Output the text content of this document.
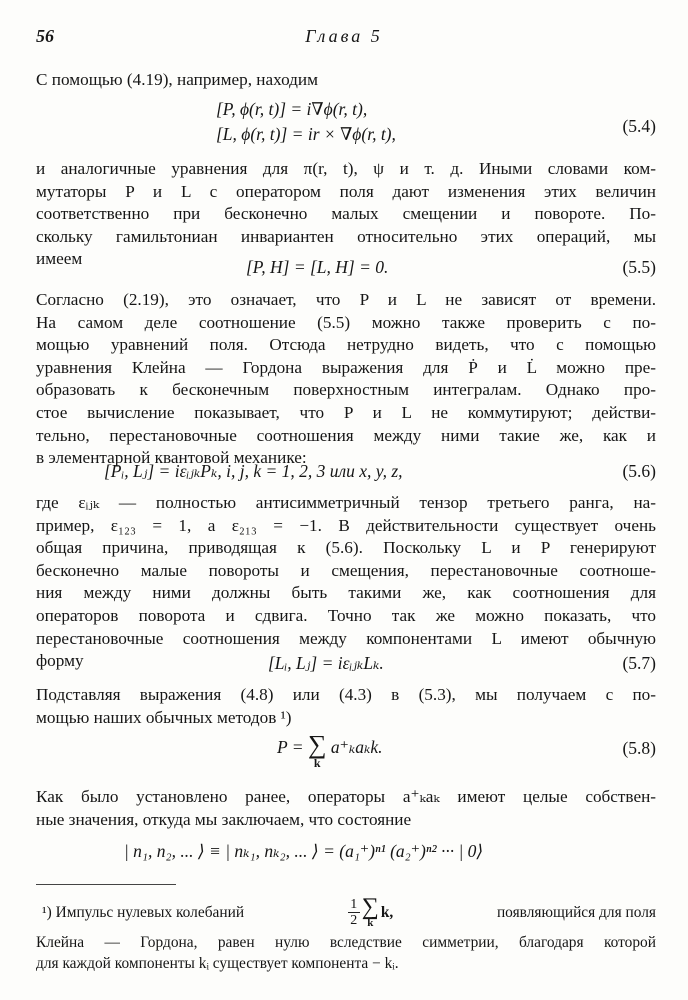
56	Глава 5
С помощью (4.19), например, находим
[P, ϕ(r, t)] = i∇ϕ(r, t),
[L, ϕ(r, t)] = ir × ∇ϕ(r, t),	(5.4)
и аналогичные уравнения для π(r, t), ψ и т. д. Иными словами ком-
мутаторы P и L с оператором поля дают изменения этих величин
соответственно при бесконечно малых смещении и повороте. По-
скольку гамильтониан инвариантен относительно этих операций, мы
имеем	[P, H] = [L, H] = 0.	(5.5)
Согласно (2.19), это означает, что P и L не зависят от времени.
На самом деле соотношение (5.5) можно также проверить с по-
мощью уравнений поля. Отсюда нетрудно видеть, что с помощью
уравнения Клейна — Гордона выражения для Ṗ и L̇ можно пре-
образовать к бесконечным поверхностным интегралам. Однако про-
стое вычисление показывает, что P и L не коммутируют; действи-
тельно, перестановочные соотношения между ними такие же, как и
в элементарной квантовой механике:
[Pᵢ, Lⱼ] = iεᵢⱼₖPₖ, i, j, k = 1, 2, 3 или x, y, z,	(5.6)
где εᵢⱼₖ — полностью антисимметричный тензор третьего ранга, на-
пример, ε₁₂₃ = 1, а ε₂₁₃ = −1. В действительности существует очень
общая причина, приводящая к (5.6). Поскольку L и P генерируют
бесконечно малые повороты и смещения, перестановочные соотноше-
ния между ними должны быть такими же, как соотношения для
операторов поворота и сдвига. Точно так же можно показать, что
перестановочные соотношения между компонентами L имеют обычную
форму	[Lᵢ, Lⱼ] = iεᵢⱼₖLₖ.	(5.7)
Подставляя выражения (4.8) или (4.3) в (5.3), мы получаем с по-
мощью наших обычных методов ¹)
P = ∑
k
a⁺ₖaₖk.	(5.8)
Как было установлено ранее, операторы a⁺ₖaₖ имеют целые собствен-
ные значения, откуда мы заключаем, что состояние
| n₁, n₂, ... ⟩ ≡ | nₖ₁, nₖ₂, ... ⟩ = (a₁⁺)ⁿ¹ (a₂⁺)ⁿ² ··· | 0⟩
¹) Импульс нулевых колебаний	1
2
∑
k
k,	появляющийся для поля
Клейна — Гордона, равен нулю вследствие симметрии, благодаря которой
для каждой компоненты kᵢ существует компонента − kᵢ.
